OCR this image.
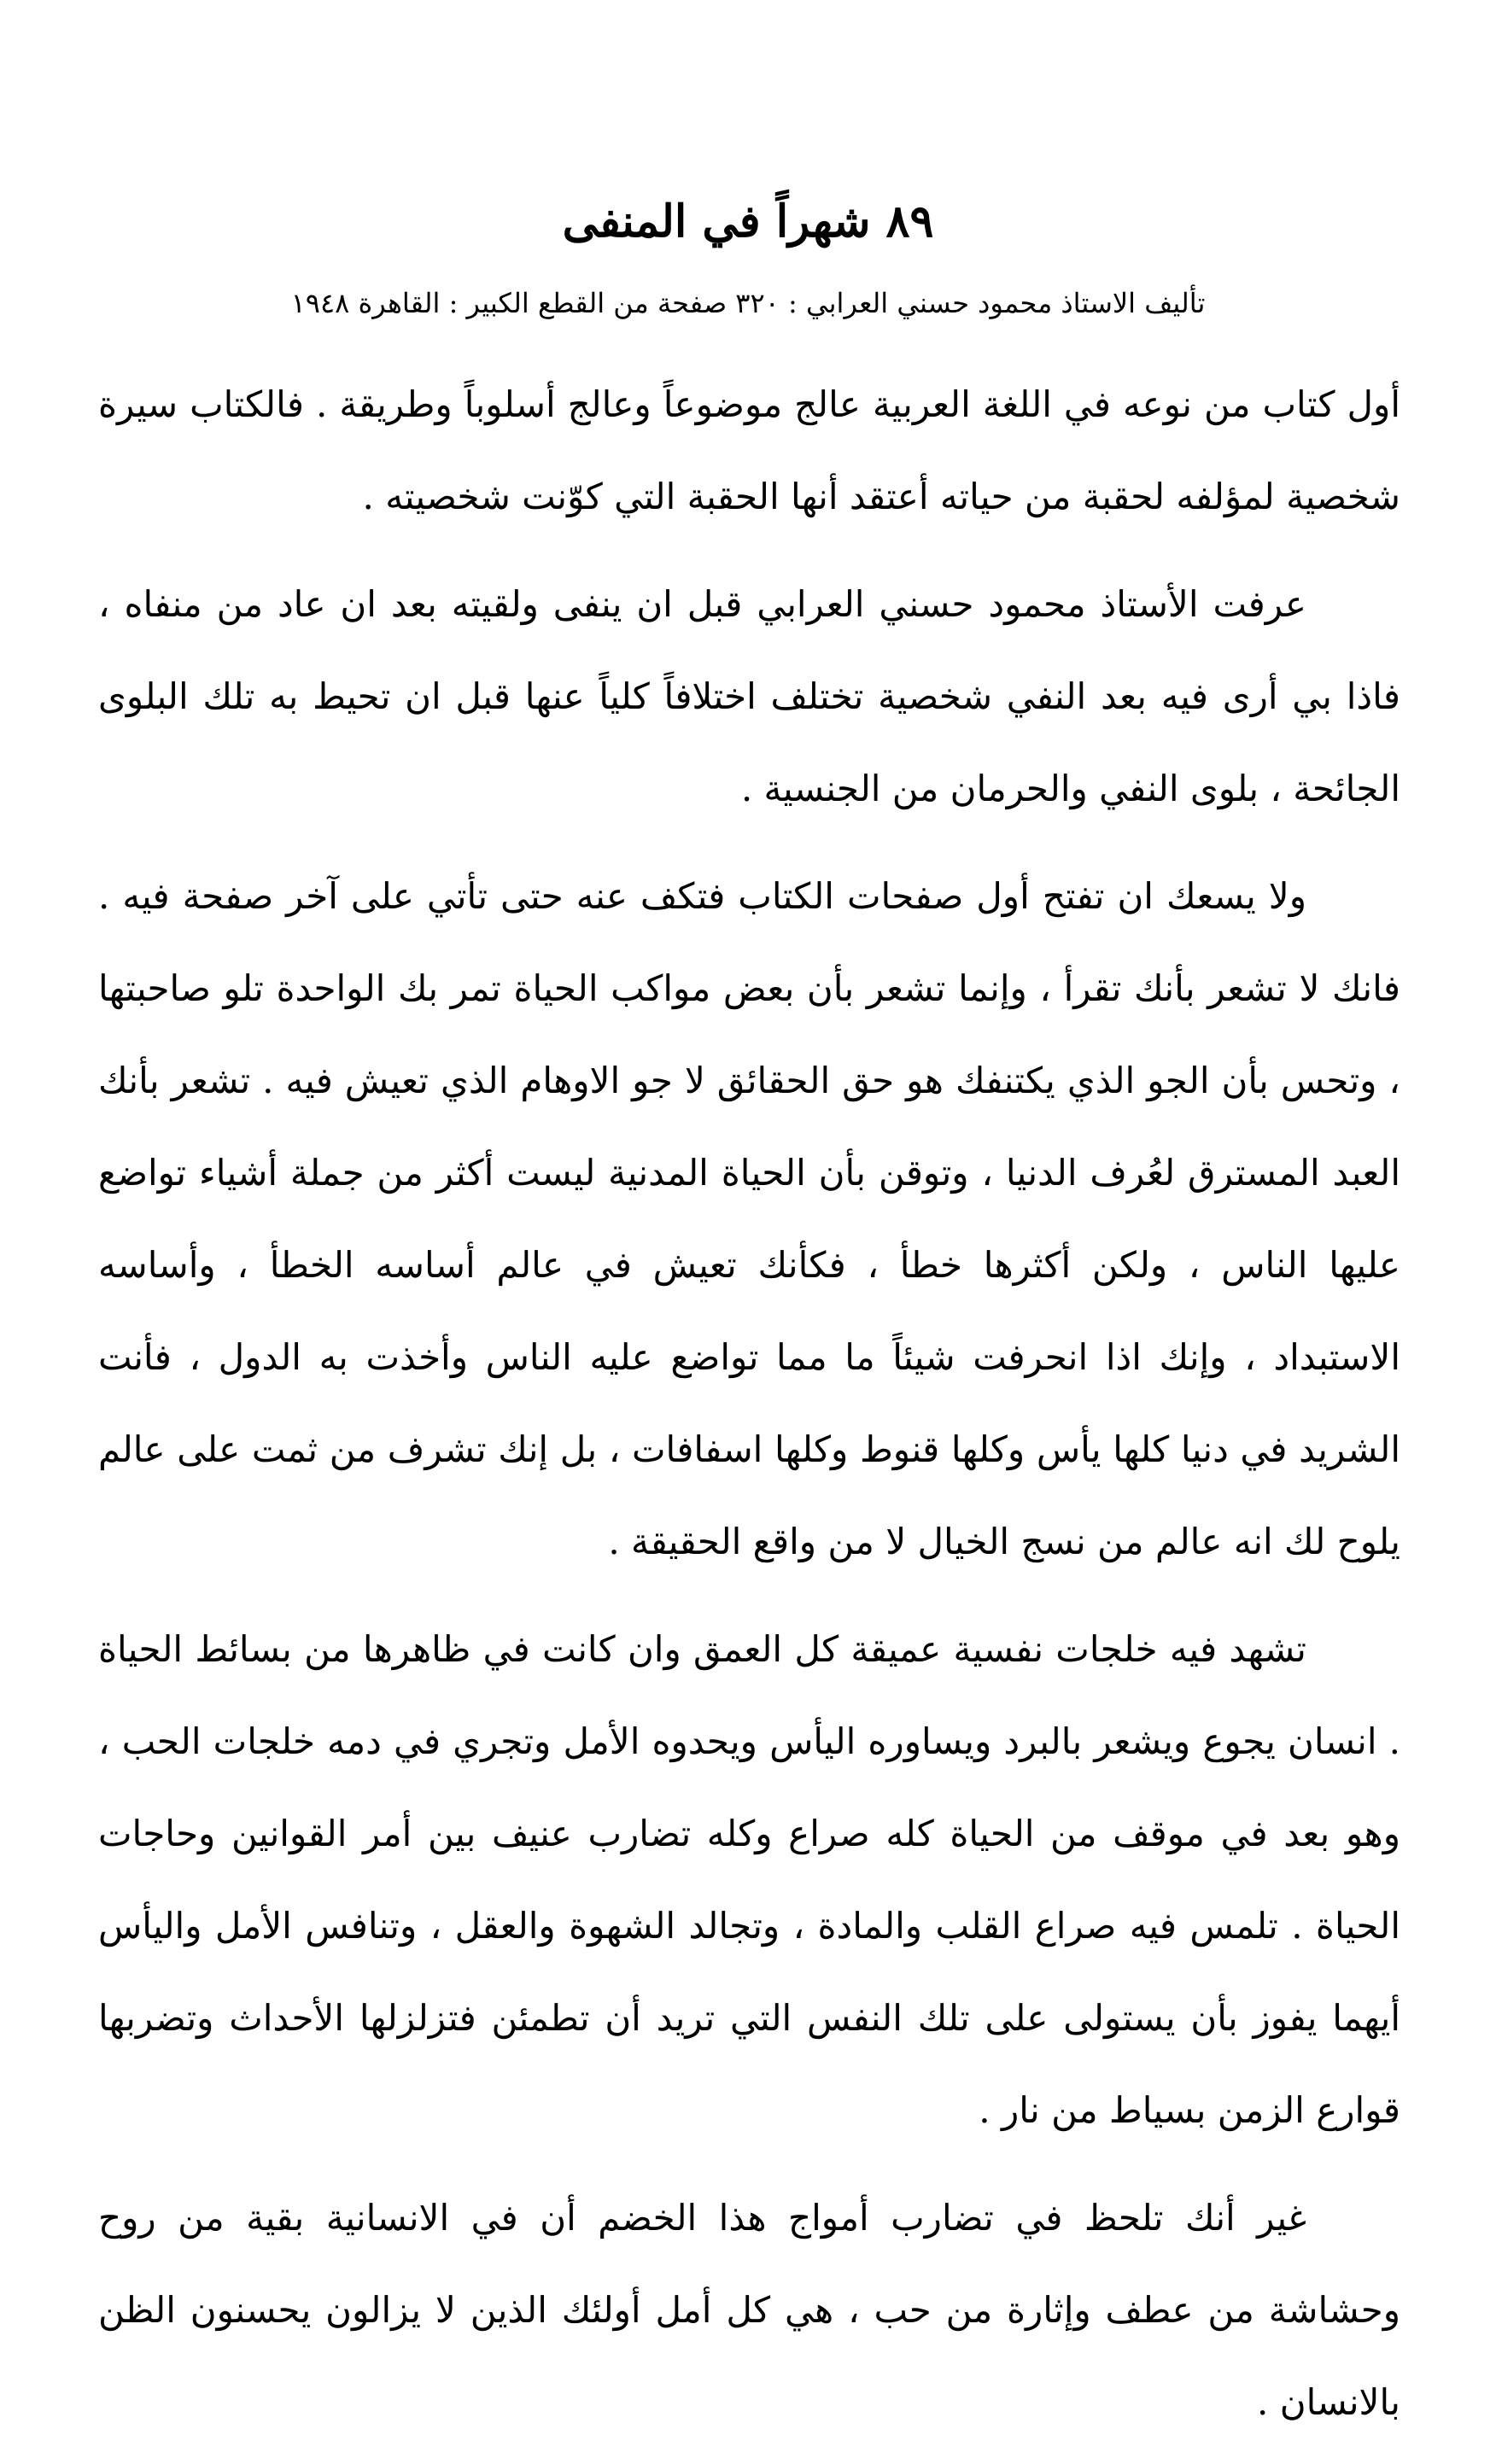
٨٩ شهراً في المنفى
تأليف الاستاذ محمود حسني العرابي : ٣٢٠ صفحة من القطع الكبير : القاهرة ١٩٤٨

أول كتاب من نوعه في اللغة العربية عالج موضوعاً وعالج أسلوباً وطريقة . فالكتاب سيرة شخصية لمؤلفه لحقبة من حياته أعتقد أنها الحقبة التي كوّنت شخصيته .

عرفت الأستاذ محمود حسني العرابي قبل ان ينفى ولقيته بعد ان عاد من منفاه ، فاذا بي أرى فيه بعد النفي شخصية تختلف اختلافاً كلياً عنها قبل ان تحيط به تلك البلوى الجائحة ، بلوى النفي والحرمان من الجنسية .

ولا يسعك ان تفتح أول صفحات الكتاب فتكف عنه حتى تأتي على آخر صفحة فيه . فانك لا تشعر بأنك تقرأ ، وإنما تشعر بأن بعض مواكب الحياة تمر بك الواحدة تلو صاحبتها ، وتحس بأن الجو الذي يكتنفك هو حق الحقائق لا جو الاوهام الذي تعيش فيه . تشعر بأنك العبد المسترق لعُرف الدنيا ، وتوقن بأن الحياة المدنية ليست أكثر من جملة أشياء تواضع عليها الناس ، ولكن أكثرها خطأ ، فكأنك تعيش في عالم أساسه الخطأ ، وأساسه الاستبداد ، وإنك اذا انحرفت شيئاً ما مما تواضع عليه الناس وأخذت به الدول ، فأنت الشريد في دنيا كلها يأس وكلها قنوط وكلها اسفافات ، بل إنك تشرف من ثمت على عالم يلوح لك انه عالم من نسج الخيال لا من واقع الحقيقة .

تشهد فيه خلجات نفسية عميقة كل العمق وان كانت في ظاهرها من بسائط الحياة . انسان يجوع ويشعر بالبرد ويساوره اليأس ويحدوه الأمل وتجري في دمه خلجات الحب ، وهو بعد في موقف من الحياة كله صراع وكله تضارب عنيف بين أمر القوانين وحاجات الحياة . تلمس فيه صراع القلب والمادة ، وتجالد الشهوة والعقل ، وتنافس الأمل واليأس أيهما يفوز بأن يستولى على تلك النفس التي تريد أن تطمئن فتزلزلها الأحداث وتضربها قوارع الزمن بسياط من نار .

غير أنك تلحظ في تضارب أمواج هذا الخضم أن في الانسانية بقية من روح وحشاشة من عطف وإثارة من حب ، هي كل أمل أولئك الذين لا يزالون يحسنون الظن بالانسان .
